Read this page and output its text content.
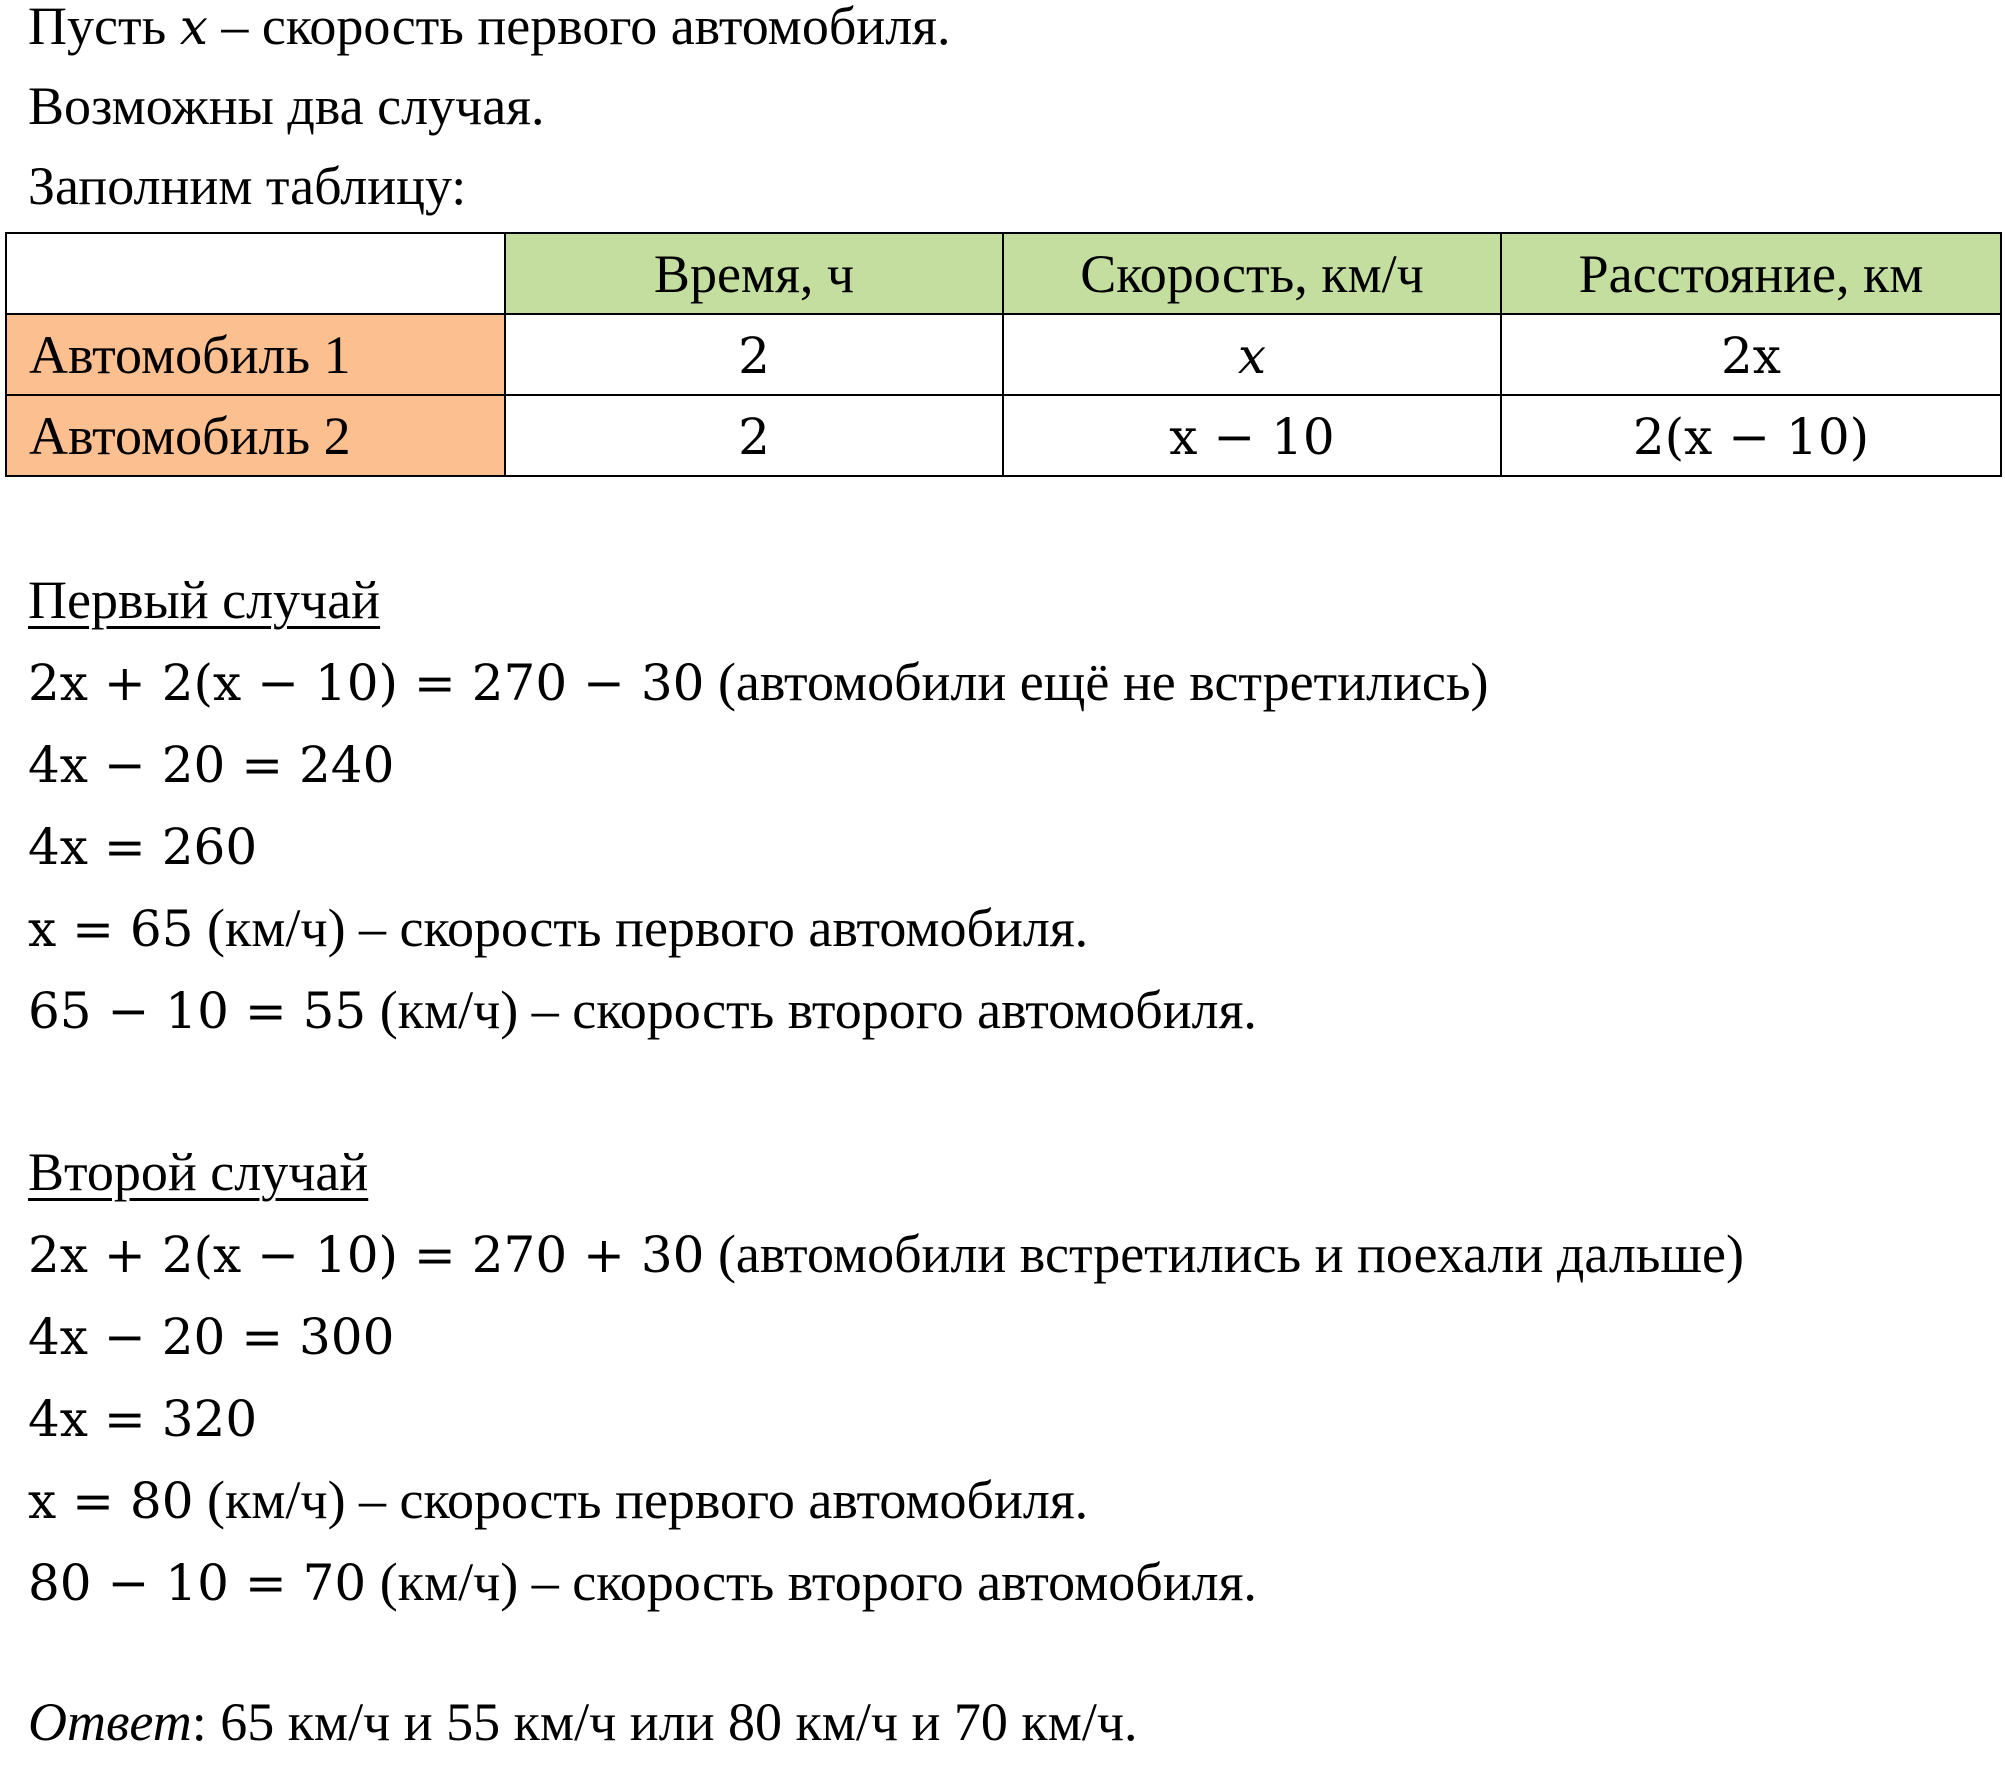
Пусть x – скорость первого автомобиля.
Возможны два случая.
Заполним таблицу:
	Время, ч	Скорость, км/ч	Расстояние, км
Автомобиль 1	2	x	2x
Автомобиль 2	2	x − 10	2(x − 10)
Первый случай
2x + 2(x − 10) = 270 − 30 (автомобили ещё не встретились)
4x − 20 = 240
4x = 260
x = 65 (км/ч) – скорость первого автомобиля.
65 − 10 = 55 (км/ч) – скорость второго автомобиля.
Второй случай
2x + 2(x − 10) = 270 + 30 (автомобили встретились и поехали дальше)
4x − 20 = 300
4x = 320
x = 80 (км/ч) – скорость первого автомобиля.
80 − 10 = 70 (км/ч) – скорость второго автомобиля.
Ответ: 65 км/ч и 55 км/ч или 80 км/ч и 70 км/ч.
